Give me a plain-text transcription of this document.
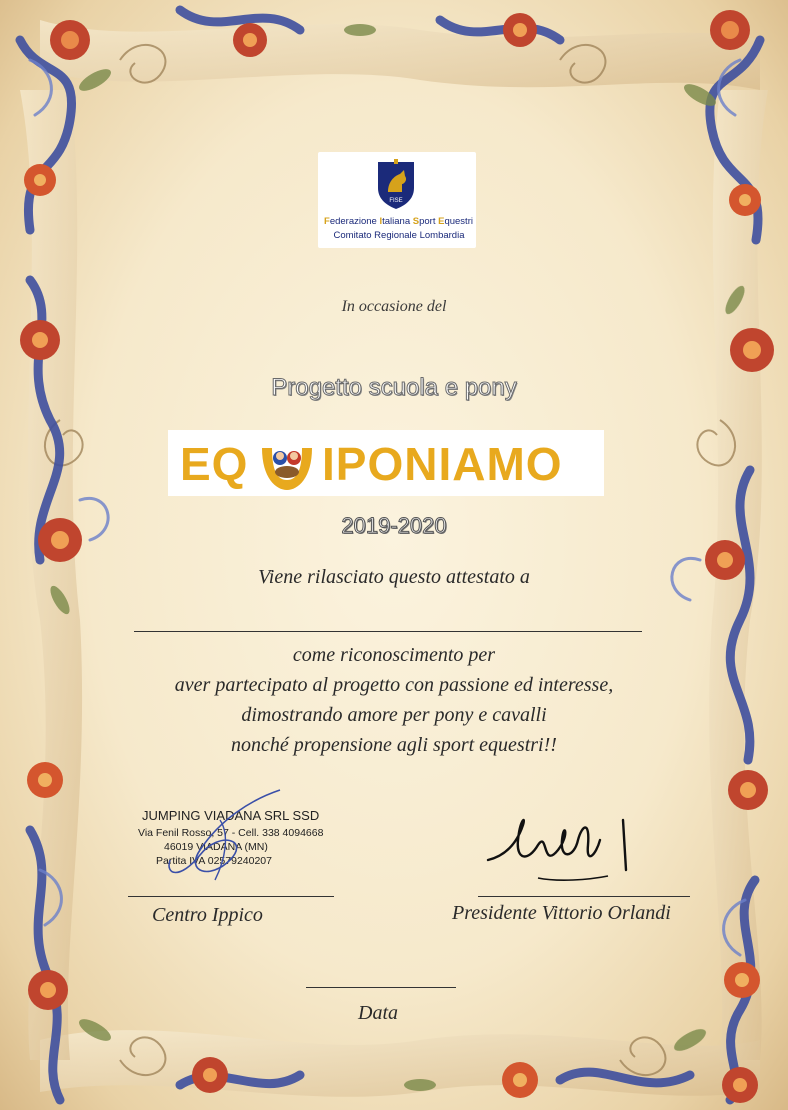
FISE
Federazione Italiana Sport Equestri
Comitato Regionale Lombardia
In occasione del
Progetto scuola e pony
EQ IPONIAMO
2019-2020
Viene rilasciato questo attestato a
come riconoscimento per
aver partecipato al progetto con passione ed interesse,
dimostrando amore per pony e cavalli
nonché propensione agli sport equestri!!
JUMPING VIADANA SRL SSD
Via Fenil Rosso, 57 - Cell. 338 4094668
46019 VIADANA (MN)
Partita IVA 02579240207
Centro Ippico	Presidente Vittorio Orlandi
Data
